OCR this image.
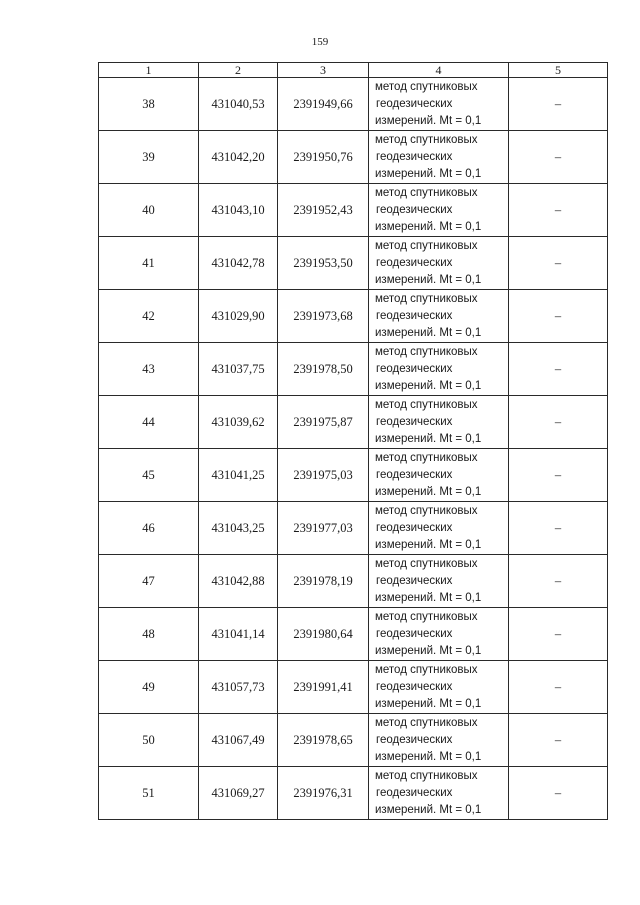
159
1	2	3	4	5
38	431040,53	2391949,66	метод спутниковых
геодезических
измерений. Mt = 0,1	–
39	431042,20	2391950,76	метод спутниковых
геодезических
измерений. Mt = 0,1	–
40	431043,10	2391952,43	метод спутниковых
геодезических
измерений. Mt = 0,1	–
41	431042,78	2391953,50	метод спутниковых
геодезических
измерений. Mt = 0,1	–
42	431029,90	2391973,68	метод спутниковых
геодезических
измерений. Mt = 0,1	–
43	431037,75	2391978,50	метод спутниковых
геодезических
измерений. Mt = 0,1	–
44	431039,62	2391975,87	метод спутниковых
геодезических
измерений. Mt = 0,1	–
45	431041,25	2391975,03	метод спутниковых
геодезических
измерений. Mt = 0,1	–
46	431043,25	2391977,03	метод спутниковых
геодезических
измерений. Mt = 0,1	–
47	431042,88	2391978,19	метод спутниковых
геодезических
измерений. Mt = 0,1	–
48	431041,14	2391980,64	метод спутниковых
геодезических
измерений. Mt = 0,1	–
49	431057,73	2391991,41	метод спутниковых
геодезических
измерений. Mt = 0,1	–
50	431067,49	2391978,65	метод спутниковых
геодезических
измерений. Mt = 0,1	–
51	431069,27	2391976,31	метод спутниковых
геодезических
измерений. Mt = 0,1	–
